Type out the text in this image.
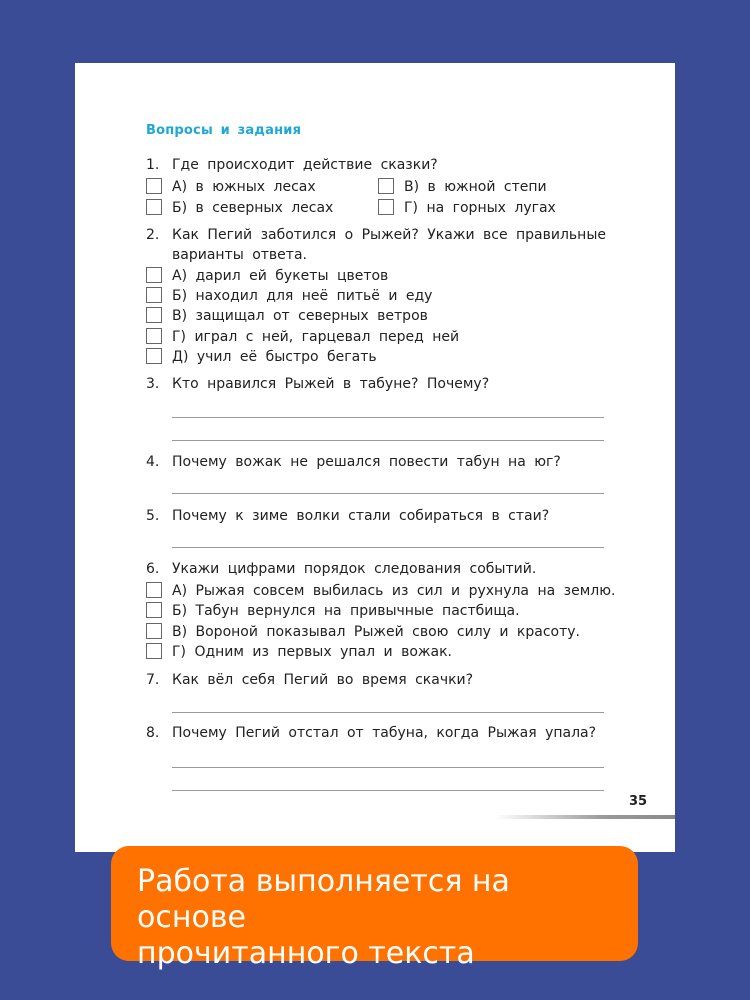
Вопросы и задания
1. Где происходит действие сказки?
А) в южных лесах
Б) в северных лесах
В) в южной степи
Г) на горных лугах
2. Как Пегий заботился о Рыжей? Укажи все правильные
варианты ответа.
А) дарил ей букеты цветов
Б) находил для неё питьё и еду
В) защищал от северных ветров
Г) играл с ней, гарцевал перед ней
Д) учил её быстро бегать
3. Кто нравился Рыжей в табуне? Почему?
4. Почему вожак не решался повести табун на юг?
5. Почему к зиме волки стали собираться в стаи?
6. Укажи цифрами порядок следования событий.
А) Рыжая совсем выбилась из сил и рухнула на землю.
Б) Табун вернулся на привычные пастбища.
В) Вороной показывал Рыжей свою силу и красоту.
Г) Одним из первых упал и вожак.
7. Как вёл себя Пегий во время скачки?
8. Почему Пегий отстал от табуна, когда Рыжая упала?
35
Работа выполняется на основе
прочитанного текста
